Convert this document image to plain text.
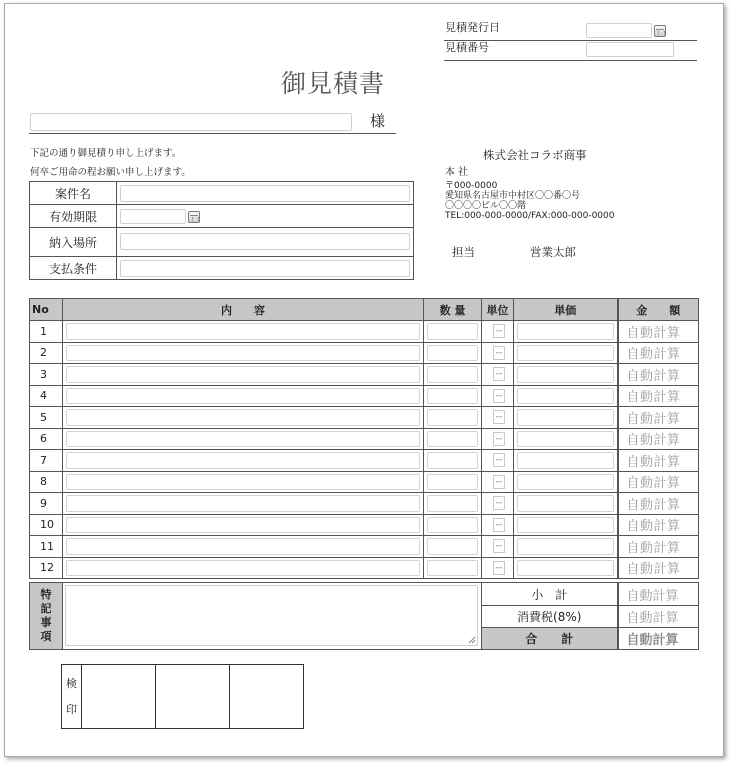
見積発行日
見積番号
御見積書
様
下記の通り御見積り申し上げます。
何卒ご用命の程お願い申し上げます。
案件名	

有効期限	

納入場所	

支払条件	
株式会社コラボ商事
本 社
〒000-0000
愛知県名古屋市中村区〇〇番〇号
〇〇〇〇ビル〇〇階
TEL:000-000-0000/FAX:000-000-0000
担当	営業太郎
No	内　　容	数 量	単位	単価	金　　額
1			--		自動計算
2			--		自動計算
3			--		自動計算
4			--		自動計算
5			--		自動計算
6			--		自動計算
7			--		自動計算
8			--		自動計算
9			--		自動計算
10			--		自動計算
11			--		自動計算
12			--		自動計算
特記事項		小　計	自動計算
		消費税(8%)	自動計算
		合　　計	自動計算
検
印
